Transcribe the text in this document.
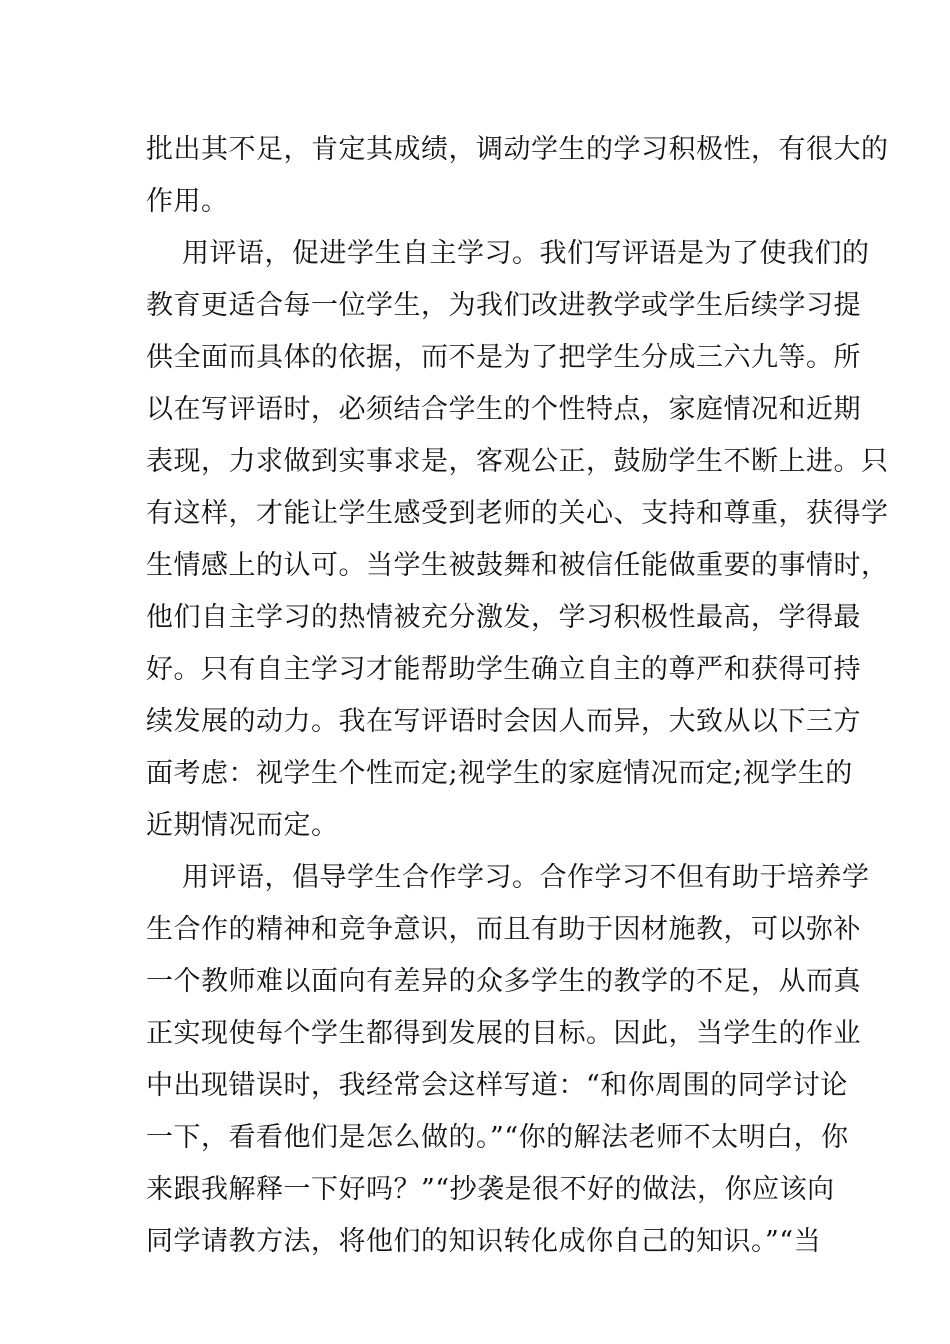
批出其不足，肯定其成绩，调动学生的学习积极性，有很大的
作用。
用评语，促进学生自主学习。我们写评语是为了使我们的
教育更适合每一位学生，为我们改进教学或学生后续学习提
供全面而具体的依据，而不是为了把学生分成三六九等。所
以在写评语时，必须结合学生的个性特点，家庭情况和近期
表现，力求做到实事求是，客观公正，鼓励学生不断上进。只
有这样，才能让学生感受到老师的关心、支持和尊重，获得学
生情感上的认可。当学生被鼓舞和被信任能做重要的事情时，
他们自主学习的热情被充分激发，学习积极性最高，学得最
好。只有自主学习才能帮助学生确立自主的尊严和获得可持
续发展的动力。我在写评语时会因人而异，大致从以下三方
面考虑：视学生个性而定;视学生的家庭情况而定;视学生的
近期情况而定。
用评语，倡导学生合作学习。合作学习不但有助于培养学
生合作的精神和竞争意识，而且有助于因材施教，可以弥补
一个教师难以面向有差异的众多学生的教学的不足，从而真
正实现使每个学生都得到发展的目标。因此，当学生的作业
中出现错误时，我经常会这样写道：“和你周围的同学讨论
一下，看看他们是怎么做的。”“你的解法老师不太明白，你
来跟我解释一下好吗？”“抄袭是很不好的做法，你应该向
同学请教方法，将他们的知识转化成你自己的知识。”“当
